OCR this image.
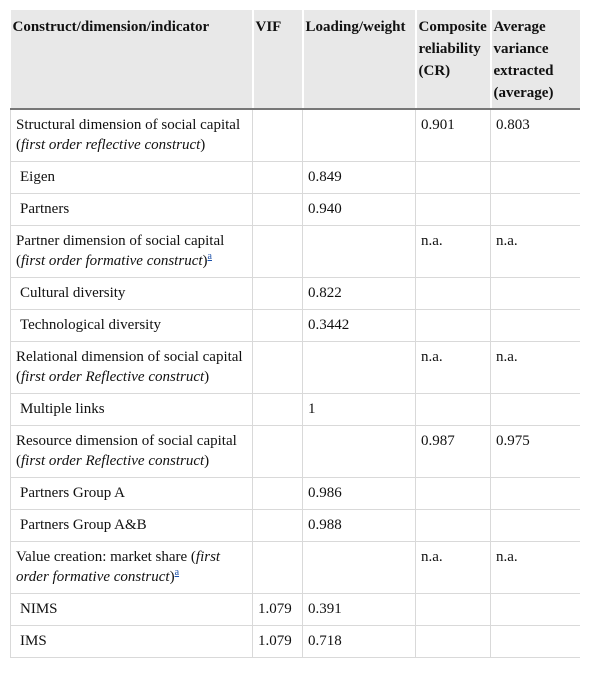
Construct/dimension/indicator	VIF	Loading/weight	Composite reliability (CR)	Average variance extracted (average)
Structural dimension of social capital (first order reflective construct)			0.901	0.803
Eigen		0.849		
Partners		0.940		
Partner dimension of social capital (first order formative construct)$^a$			n.a.	n.a.
Cultural diversity		0.822		
Technological diversity		0.3442		
Relational dimension of social capital (first order Reflective construct)			n.a.	n.a.
Multiple links		1		
Resource dimension of social capital (first order Reflective construct)			0.987	0.975
Partners Group A		0.986		
Partners Group A&B		0.988		
Value creation: market share (first order formative construct)$^a$			n.a.	n.a.
NIMS	1.079	0.391		
IMS	1.079	0.718		
